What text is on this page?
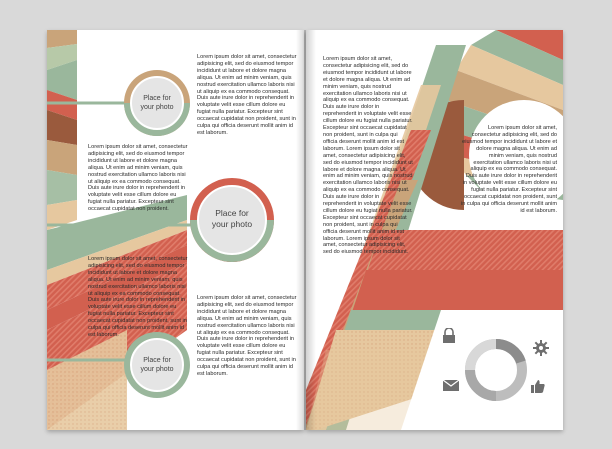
Place for
your photo

Place for
your photo

Place for
your photo

Lorem ipsum dolor sit amet, consectetur adipisicing elit, sed do eiusmod tempor incididunt ut labore et dolore magna aliqua. Ut enim ad minim veniam, quis nostrud exercitation ullamco laboris nisi ut aliquip ex ea commodo consequat. Duis aute irure dolor in reprehenderit in voluptate velit esse cillum dolore eu fugiat nulla pariatur. Excepteur sint occaecat cupidatat non proident, sunt in culpa qui officia deserunt mollit anim id est laborum.

Lorem ipsum dolor sit amet, consectetur adipisicing elit, sed do eiusmod tempor incididunt ut labore et dolore magna aliqua. Ut enim ad minim veniam, quis nostrud exercitation ullamco laboris nisi ut aliquip ex ea commodo consequat. Duis aute irure dolor in reprehenderit in voluptate velit esse cillum dolore eu fugiat nulla pariatur. Excepteur sint occaecat cupidatat non proident.

Lorem ipsum dolor sit amet, consectetur adipisicing elit, sed do eiusmod tempor incididunt ut labore et dolore magna aliqua. Ut enim ad minim veniam, quis nostrud exercitation ullamco laboris nisi ut aliquip ex ea commodo consequat. Duis aute irure dolor in reprehenderit in voluptate velit esse cillum dolore eu fugiat nulla pariatur. Excepteur sint occaecat cupidatat non proident, sunt in culpa qui officia deserunt mollit anim id est laborum.

Lorem ipsum dolor sit amet, consectetur adipisicing elit, sed do eiusmod tempor incididunt ut labore et dolore magna aliqua. Ut enim ad minim veniam, quis nostrud exercitation ullamco laboris nisi ut aliquip ex ea commodo consequat. Duis aute irure dolor in reprehenderit in voluptate velit esse cillum dolore eu fugiat nulla pariatur. Excepteur sint occaecat cupidatat non proident, sunt in culpa qui officia deserunt mollit anim id est laborum.

Lorem ipsum dolor sit amet, consectetur adipisicing elit, sed do eiusmod tempor incididunt ut labore et dolore magna aliqua. Ut enim ad minim veniam, quis nostrud exercitation ullamco laboris nisi ut aliquip ex ea commodo consequat. Duis aute irure dolor in reprehenderit in voluptate velit esse cillum dolore eu fugiat nulla pariatur. Excepteur sint occaecat cupidatat non proident, sunt in culpa qui officia deserunt mollit anim id est laborum. Lorem ipsum dolor sit amet, consectetur adipisicing elit, sed do eiusmod tempor incididunt ut labore et dolore magna aliqua. Ut enim ad minim veniam, quis nostrud exercitation ullamco laboris nisi ut aliquip ex ea commodo consequat. Duis aute irure dolor in reprehenderit in voluptate velit esse cillum dolore eu fugiat nulla pariatur. Excepteur sint occaecat cupidatat non proident, sunt in culpa qui officia deserunt mollit anim id est laborum. Lorem ipsum dolor sit amet, consectetur adipisicing elit, sed do eiusmod tempor incididunt.

Lorem ipsum dolor sit amet, consectetur adipisicing elit, sed do eiusmod tempor incididunt ut labore et dolore magna aliqua. Ut enim ad minim veniam, quis nostrud exercitation ullamco laboris nisi ut aliquip ex ea commodo consequat. Duis aute irure dolor in reprehenderit in voluptate velit esse cillum dolore eu fugiat nulla pariatur. Excepteur sint occaecat cupidatat non proident, sunt in culpa qui officia deserunt mollit anim id est laborum.
